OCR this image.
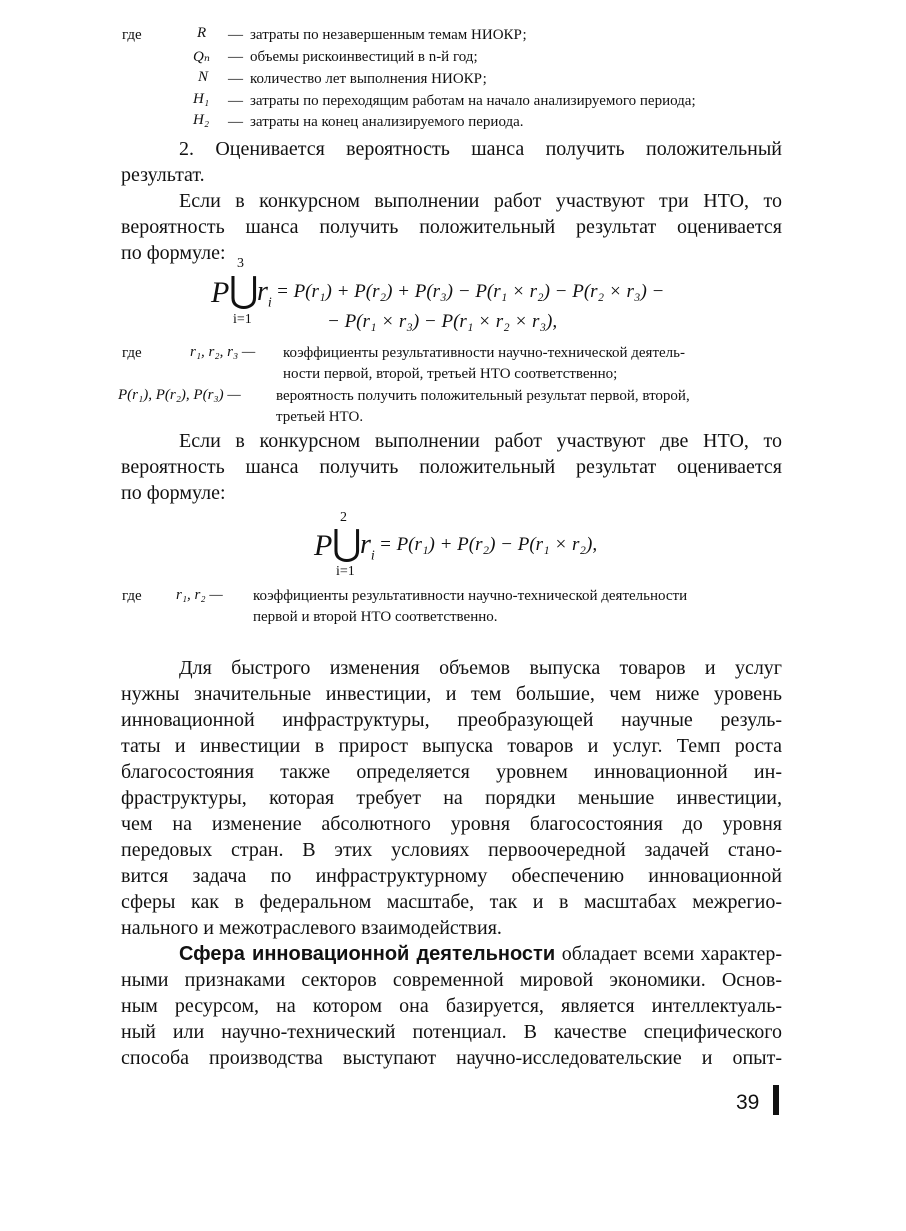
где	R — затраты по незавершенным темам НИОКР;
Qₙ — объемы рискоинвестиций в n-й год;
N — количество лет выполнения НИОКР;
H₁ — затраты по переходящим работам на начало анализируемого периода;
H₂ — затраты на конец анализируемого периода.
2. Оценивается вероятность шанса получить положительный
результат.
Если в конкурсном выполнении работ участвуют три НТО, то
вероятность шанса получить положительный результат оценивается
по формуле: 3
P ⋃
$r_i$
i=1
= P(r₁) + P(r₂) + P(r₃) − P(r₁ × r₂) − P(r₂ × r₃) −
− P(r₁ × r₃) − P(r₁ × r₂ × r₃),
где	r₁, r₂, r₃ — коэффициенты результативности научно-технической деятель-
ности первой, второй, третьей НТО соответственно;
P(r₁), P(r₂), P(r₃) — вероятность получить положительный результат первой, второй,
третьей НТО.
Если в конкурсном выполнении работ участвуют две НТО, то
вероятность шанса получить положительный результат оценивается
по формуле:
2
P ⋃
$r_i$
i=1
= P(r₁) + P(r₂) − P(r₁ × r₂),
где r₁, r₂ — коэффициенты результативности научно-технической деятельности
первой и второй НТО соответственно.
Для быстрого изменения объемов выпуска товаров и услуг
нужны значительные инвестиции, и тем большие, чем ниже уровень
инновационной инфраструктуры, преобразующей научные резуль-
таты и инвестиции в прирост выпуска товаров и услуг. Темп роста
благосостояния также определяется уровнем инновационной ин-
фраструктуры, которая требует на порядки меньшие инвестиции,
чем на изменение абсолютного уровня благосостояния до уровня
передовых стран. В этих условиях первоочередной задачей стано-
вится задача по инфраструктурному обеспечению инновационной
сферы как в федеральном масштабе, так и в масштабах межрегио-
нального и межотраслевого взаимодействия.
Сфера инновационной деятельности обладает всеми характер-
ными признаками секторов современной мировой экономики. Основ-
ным ресурсом, на котором она базируется, является интеллектуаль-
ный или научно-технический потенциал. В качестве специфического
способа производства выступают научно-исследовательские и опыт-
39
